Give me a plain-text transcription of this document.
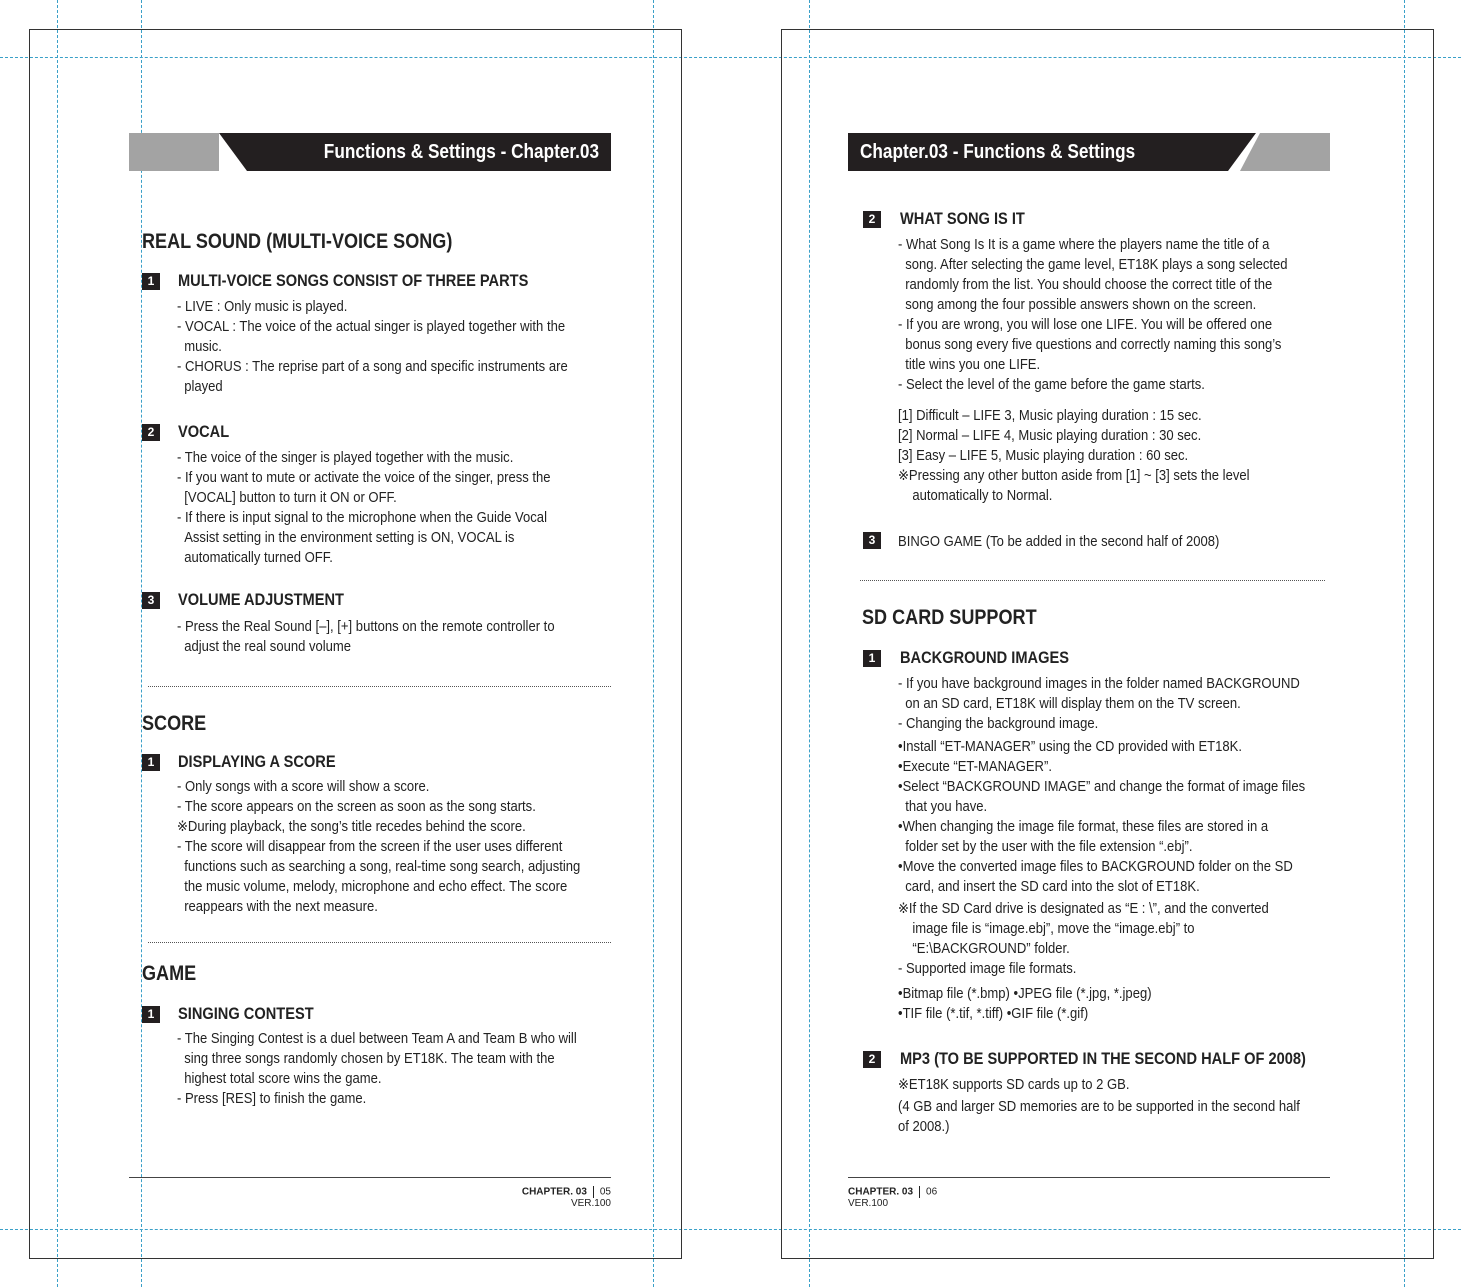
Functions & Settings - Chapter.03
REAL SOUND (MULTI-VOICE SONG)
1	MULTI-VOICE SONGS CONSIST OF THREE PARTS
- LIVE : Only music is played.
- VOCAL : The voice of the actual singer is played together with the
music.
- CHORUS : The reprise part of a song and specific instruments are
played
2	VOCAL
- The voice of the singer is played together with the music.
- If you want to mute or activate the voice of the singer, press the
[VOCAL] button to turn it ON or OFF.
- If there is input signal to the microphone when the Guide Vocal
Assist setting in the environment setting is ON, VOCAL is
automatically turned OFF.
3	VOLUME ADJUSTMENT
- Press the Real Sound [–], [+] buttons on the remote controller to
adjust the real sound volume
SCORE
1	DISPLAYING A SCORE
- Only songs with a score will show a score.
- The score appears on the screen as soon as the song starts.
※During playback, the song’s title recedes behind the score.
- The score will disappear from the screen if the user uses different
functions such as searching a song, real-time song search, adjusting
the music volume, melody, microphone and echo effect. The score
reappears with the next measure.
GAME
1	SINGING CONTEST
- The Singing Contest is a duel between Team A and Team B who will
sing three songs randomly chosen by ET18K. The team with the
highest total score wins the game.
- Press [RES] to finish the game.
CHAPTER. 03 05
VER.100
Chapter.03 - Functions & Settings
2	WHAT SONG IS IT
- What Song Is It is a game where the players name the title of a
song. After selecting the game level, ET18K plays a song selected
randomly from the list. You should choose the correct title of the
song among the four possible answers shown on the screen.
- If you are wrong, you will lose one LIFE. You will be offered one
bonus song every five questions and correctly naming this song’s
title wins you one LIFE.
- Select the level of the game before the game starts.
[1] Difficult – LIFE 3, Music playing duration : 15 sec.
[2] Normal – LIFE 4, Music playing duration : 30 sec.
[3] Easy – LIFE 5, Music playing duration : 60 sec.
※Pressing any other button aside from [1] ~ [3] sets the level
automatically to Normal.
3	BINGO GAME (To be added in the second half of 2008)
SD CARD SUPPORT
1	BACKGROUND IMAGES
- If you have background images in the folder named BACKGROUND
on an SD card, ET18K will display them on the TV screen.
- Changing the background image.
•Install “ET-MANAGER” using the CD provided with ET18K.
•Execute “ET-MANAGER”.
•Select “BACKGROUND IMAGE” and change the format of image files
that you have.
•When changing the image file format, these files are stored in a
folder set by the user with the file extension “.ebj”.
•Move the converted image files to BACKGROUND folder on the SD
card, and insert the SD card into the slot of ET18K.
※If the SD Card drive is designated as “E : \”, and the converted
image file is “image.ebj”, move the “image.ebj” to
“E:\BACKGROUND” folder.
- Supported image file formats.
•Bitmap file (*.bmp) •JPEG file (*.jpg, *.jpeg)
•TIF file (*.tif, *.tiff) •GIF file (*.gif)
2	MP3 (TO BE SUPPORTED IN THE SECOND HALF OF 2008)
※ET18K supports SD cards up to 2 GB.
(4 GB and larger SD memories are to be supported in the second half
of 2008.)
CHAPTER. 03 06
VER.100
